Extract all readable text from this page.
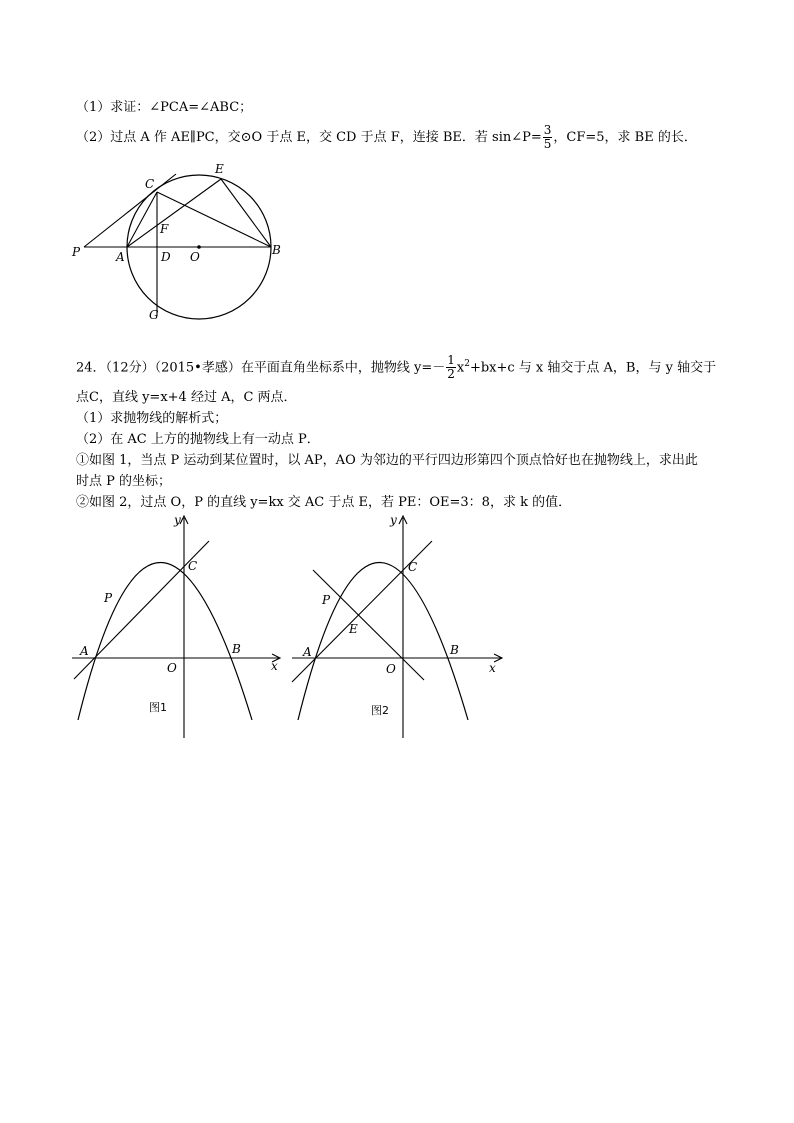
（1）求证：∠PCA=∠ABC；
（2）过点 A 作 AE∥PC，交⊙O 于点 E，交 CD 于点 F，连接 BE．若 sin∠P= $\frac{3}{5}$ ，CF=5，求 BE 的长．
C
E
F
P	A	D O	B
G
24．（12分）（2015•孝感）在平面直角坐标系中，抛物线 $y=- \frac{1}{2} x^2+bx+c$ 与 x 轴交于点 A，B，与 y 轴交于
点C，直线 y=x+4 经过 A，C 两点．
（1）求抛物线的解析式；
（2）在 AC 上方的抛物线上有一动点 P．
①如图 1，当点 P 运动到某位置时，以 AP，AO 为邻边的平行四边形第四个顶点恰好也在抛物线上，求出此
时点 P 的坐标；
②如图 2，过点 O，P 的直线 y=kx 交 AC 于点 E，若 PE：OE=3：8，求 k 的值．
y
x
C
P
A
O
B
图1
y
x
C
P
E
A
O
B
图2
